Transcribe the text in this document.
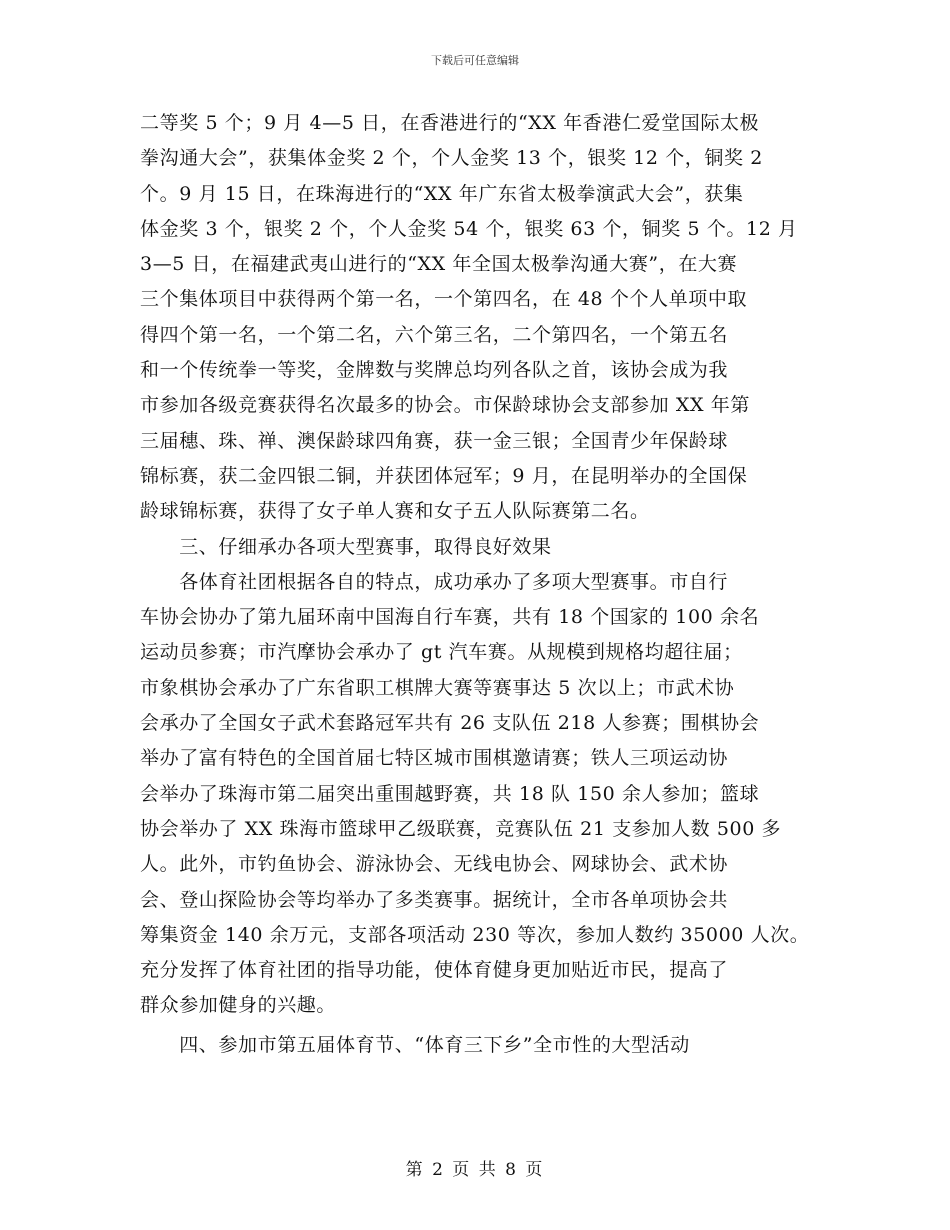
下载后可任意编辑
二等奖 5 个；9 月 4—5 日，在香港进行的“XX 年香港仁爱堂国际太极
拳沟通大会”，获集体金奖 2 个，个人金奖 13 个，银奖 12 个，铜奖 2
个。9 月 15 日，在珠海进行的“XX 年广东省太极拳演武大会”，获集
体金奖 3 个，银奖 2 个，个人金奖 54 个，银奖 63 个，铜奖 5 个。12 月
3—5 日，在福建武夷山进行的“XX 年全国太极拳沟通大赛”，在大赛
三个集体项目中获得两个第一名，一个第四名，在 48 个个人单项中取
得四个第一名，一个第二名，六个第三名，二个第四名，一个第五名
和一个传统拳一等奖，金牌数与奖牌总均列各队之首，该协会成为我
市参加各级竞赛获得名次最多的协会。市保龄球协会支部参加 XX 年第
三届穗、珠、禅、澳保龄球四角赛，获一金三银；全国青少年保龄球
锦标赛，获二金四银二铜，并获团体冠军；9 月，在昆明举办的全国保
龄球锦标赛，获得了女子单人赛和女子五人队际赛第二名。
　　三、仔细承办各项大型赛事，取得良好效果
　　各体育社团根据各自的特点，成功承办了多项大型赛事。市自行
车协会协办了第九届环南中国海自行车赛，共有 18 个国家的 100 余名
运动员参赛；市汽摩协会承办了 gt 汽车赛。从规模到规格均超往届；
市象棋协会承办了广东省职工棋牌大赛等赛事达 5 次以上；市武术协
会承办了全国女子武术套路冠军共有 26 支队伍 218 人参赛；围棋协会
举办了富有特色的全国首届七特区城市围棋邀请赛；铁人三项运动协
会举办了珠海市第二届突出重围越野赛，共 18 队 150 余人参加；篮球
协会举办了 XX 珠海市篮球甲乙级联赛，竞赛队伍 21 支参加人数 500 多
人。此外，市钓鱼协会、游泳协会、无线电协会、网球协会、武术协
会、登山探险协会等均举办了多类赛事。据统计，全市各单项协会共
筹集资金 140 余万元，支部各项活动 230 等次，参加人数约 35000 人次。
充分发挥了体育社团的指导功能，使体育健身更加贴近市民，提高了
群众参加健身的兴趣。
　　四、参加市第五届体育节、“体育三下乡”全市性的大型活动
第 2 页 共 8 页
